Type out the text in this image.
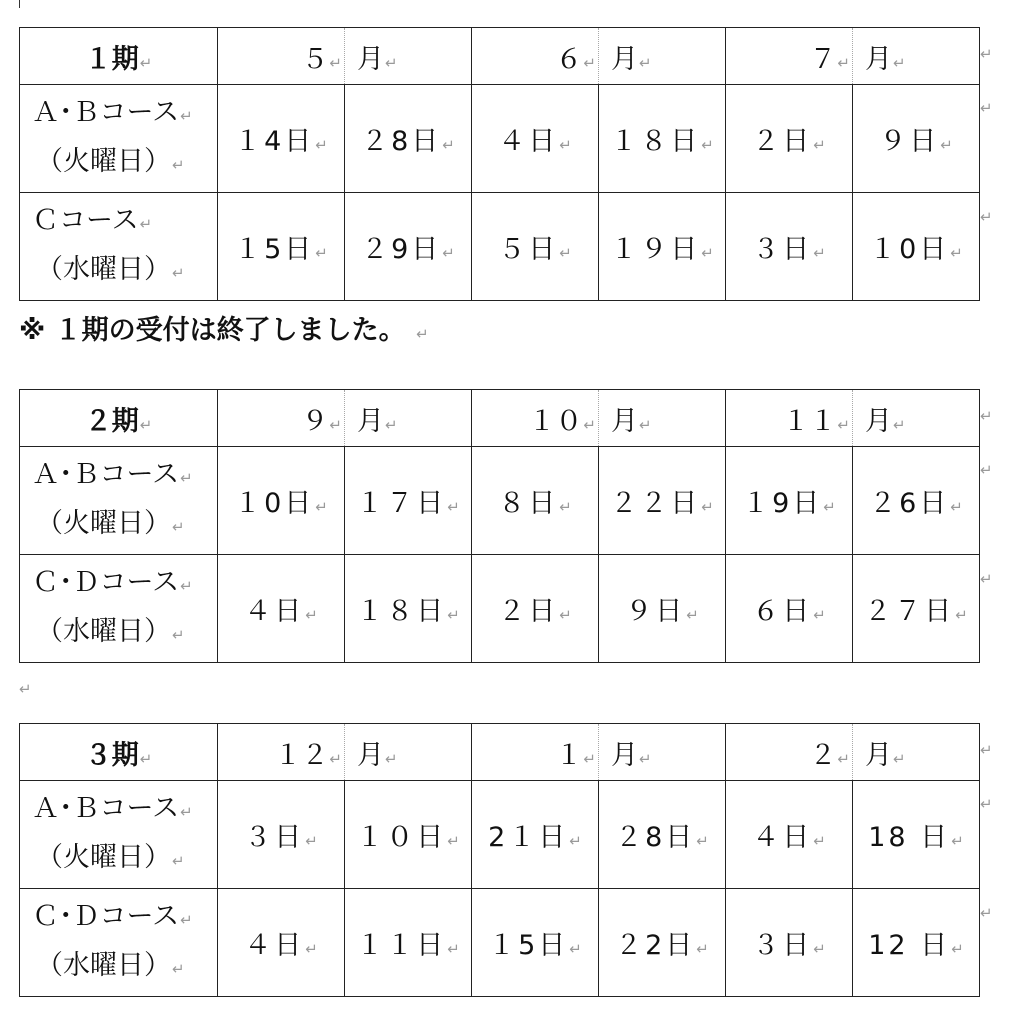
１期↵	５↵	月↵	６↵	月↵	７↵	月↵
Ａ･Ｂコース↵
（火曜日）↵	１4日↵	２8日↵	４日↵	１８日↵	２日↵	９日↵
Ｃコース↵
（水曜日）↵	１5日↵	２9日↵	５日↵	１９日↵	３日↵	１0日↵
↵
↵
↵
２期↵	９↵	月↵	１０↵	月↵	１１↵	月↵
Ａ･Ｂコース↵
（火曜日）↵	１0日↵	１７日↵	８日↵	２２日↵	１9日↵	２6日↵
Ｃ･Ｄコース↵
（水曜日）↵	４日↵	１８日↵	２日↵	９日↵	６日↵	２７日↵
↵
↵
↵
３期↵	１２↵	月↵	１↵	月↵	２↵	月↵
Ａ･Ｂコース↵
（火曜日）↵	３日↵	１０日↵	2１日↵	２8日↵	４日↵	18 日↵
Ｃ･Ｄコース↵
（水曜日）↵	４日↵	１１日↵	１5日↵	２2日↵	３日↵	12 日↵
↵
↵
↵
※ １期の受付は終了しました。 ↵
↵
